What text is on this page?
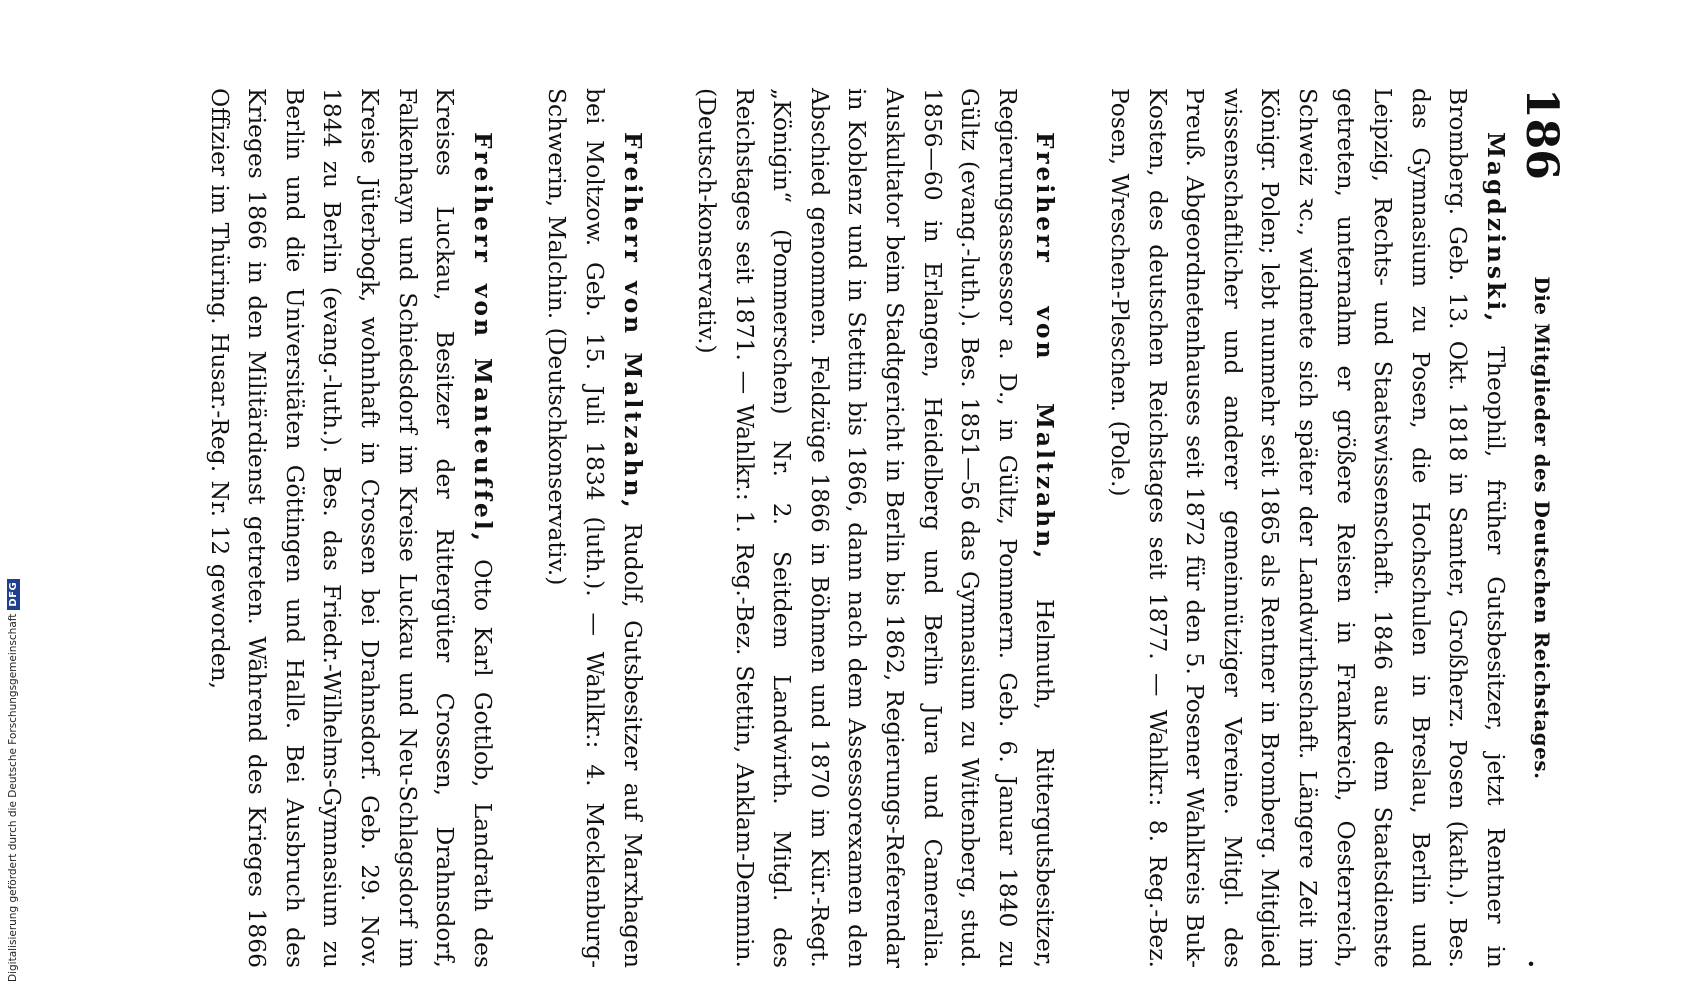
186
Die Mitglieder des Deutschen Reichstages.
.

Magdzinski, Theophil, früher Gutsbesitzer, jetzt Rentner in Bromberg. Geb. 13. Okt. 1818 in Samter, Großherz. Posen (kath.). Bes. das Gymnasium zu Posen, die Hochschulen in Breslau, Berlin und Leipzig, Rechts- und Staatswissenschaft. 1846 aus dem Staatsdienste getreten, unternahm er größere Reisen in Frankreich, Oesterreich, Schweiz ꝛc., widmete sich später der Landwirthschaft. Längere Zeit im Königr. Polen; lebt nunmehr seit 1865 als Rentner in Bromberg. Mitglied wissenschaftlicher und anderer gemeinnütziger Vereine. Mitgl. des Preuß. Abgeordnetenhauses seit 1872 für den 5. Posener Wahlkreis Buk-Kosten, des deutschen Reichstages seit 1877. — Wahlkr.: 8. Reg.-Bez. Posen, Wreschen-Pleschen. (Pole.)

Freiherr von Maltzahn, Helmuth, Rittergutsbesitzer, Regierungsassessor a. D., in Gültz, Pommern. Geb. 6. Januar 1840 zu Gültz (evang.-luth.). Bes. 1851—56 das Gymnasium zu Wittenberg, stud. 1856—60 in Erlangen, Heidelberg und Berlin Jura und Cameralia. Auskultator beim Stadtgericht in Berlin bis 1862, Regierungs-Referendar in Koblenz und in Stettin bis 1866, dann nach dem Assessorexamen den Abschied genommen. Feldzüge 1866 in Böhmen und 1870 im Kür.-Regt. „Königin“ (Pommerschen) Nr. 2. Seitdem Landwirth. Mitgl. des Reichstages seit 1871. — Wahlkr.: 1. Reg.-Bez. Stettin, Anklam-Demmin. (Deutsch-konservativ.)

Freiherr von Maltzahn, Rudolf, Gutsbesitzer auf Marxhagen bei Moltzow. Geb. 15. Juli 1834 (luth.). — Wahlkr.: 4. Mecklenburg-Schwerin, Malchin. (Deutschkonservativ.)

Freiherr von Manteuffel, Otto Karl Gottlob, Landrath des Kreises Luckau, Besitzer der Rittergüter Crossen, Drahnsdorf, Falkenhayn und Schiedsdorf im Kreise Luckau und Neu-Schlagsdorf im Kreise Jüterbogk, wohnhaft in Crossen bei Drahnsdorf. Geb. 29. Nov. 1844 zu Berlin (evang.-luth.). Bes. das Friedr.-Wilhelms-Gymnasium zu Berlin und die Universitäten Göttingen und Halle. Bei Ausbruch des Krieges 1866 in den Militärdienst getreten. Während des Krieges 1866 Offizier im Thüring. Husar.-Reg. Nr. 12 geworden,

Digitalisierung gefördert durch die Deutsche Forschungsgemeinschaft
DFG
